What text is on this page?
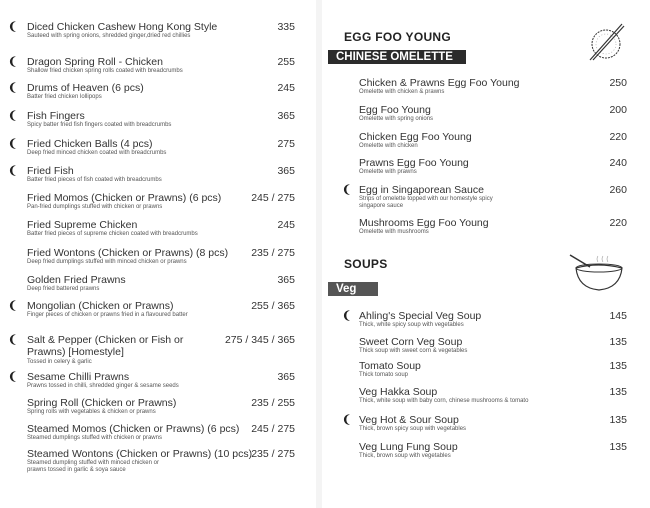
❨ Diced Chicken Cashew Hong Kong Style
Sauteed with spring onions, shredded ginger,dried red chillies
335
❨ Dragon Spring Roll - Chicken
Shallow fried chicken spring rolls coated with breadcrumbs
255
❨ Drums of Heaven (6 pcs)
Batter fried chicken lollipops
245
❨ Fish Fingers
Spicy batter fried fish fingers coated with breadcrumbs
365
❨ Fried Chicken Balls (4 pcs)
Deep fried minced chicken coated with breadcrumbs
275
❨ Fried Fish
Batter fried pieces of fish coated with breadcrumbs
365
Fried Momos (Chicken or Prawns) (6 pcs)
Pan-fried dumplings stuffed with chicken or prawns
245 / 275
Fried Supreme Chicken
Batter fried pieces of supreme chicken coated with breadcrumbs
245
Fried Wontons (Chicken or Prawns) (8 pcs)
Deep fried dumplings stuffed with minced chicken or prawns
235 / 275
Golden Fried Prawns
Deep fried battered prawns
365
❨ Mongolian (Chicken or Prawns)
Finger pieces of chicken or prawns fried in a flavoured batter
255 / 365
❨ Salt & Pepper (Chicken or Fish or Prawns) [Homestyle]
Tossed in celery & garlic
275 / 345 / 365
❨ Sesame Chilli Prawns
Prawns tossed in chilli, shredded ginger & sesame seeds
365
Spring Roll (Chicken or Prawns)
Spring rolls with vegetables & chicken or prawns
235 / 255
Steamed Momos (Chicken or Prawns) (6 pcs)
Steamed dumplings stuffed with chicken or prawns
245 / 275
Steamed Wontons (Chicken or Prawns) (10 pcs)
Steamed dumpling stuffed with minced chicken or prawns tossed in garlic & soya sauce
235 / 275
EGG FOO YOUNG
CHINESE OMELETTE
SOUPS
Veg
Chicken & Prawns Egg Foo Young
Omelette with chicken & prawns
250
Egg Foo Young
Omelette with spring onions
200
Chicken Egg Foo Young
Omelette with chicken
220
Prawns Egg Foo Young
Omelette with prawns
240
❨ Egg in Singaporean Sauce
Strips of omelette topped with our homestyle spicy singapore sauce
260
Mushrooms Egg Foo Young
Omelette with mushrooms
220
❨ Ahling's Special Veg Soup
Thick, white spicy soup with vegetables
145
Sweet Corn Veg Soup
Thick soup with sweet corn & vegetables
135
Tomato Soup
Thick tomato soup
135
Veg Hakka Soup
Thick, white soup with baby corn, chinese mushrooms & tomato
135
❨ Veg Hot & Sour Soup
Thick, brown spicy soup with vegetables
135
Veg Lung Fung Soup
Thick, brown soup with vegetables
135
